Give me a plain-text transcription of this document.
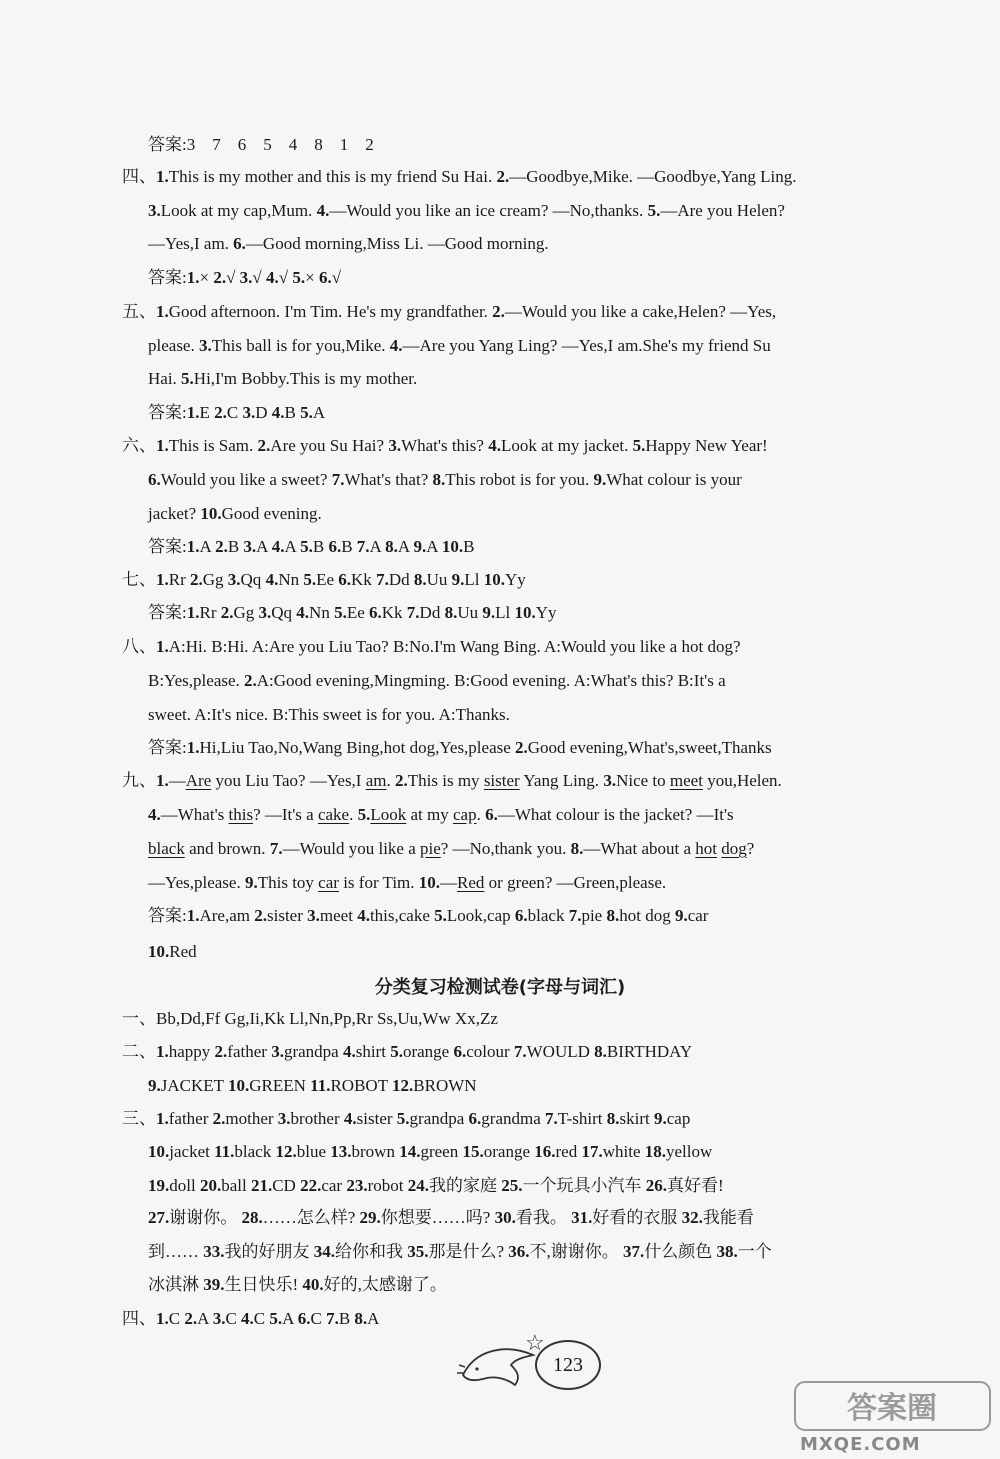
答案:3　7　6　5　4　8　1　2
四、1.This is my mother and this is my friend Su Hai. 2.—Goodbye,Mike. —Goodbye,Yang Ling.
3.Look at my cap,Mum. 4.—Would you like an ice cream? —No,thanks. 5.—Are you Helen?
—Yes,I am. 6.—Good morning,Miss Li. —Good morning.
答案:1.× 2.√ 3.√ 4.√ 5.× 6.√
五、1.Good afternoon. I'm Tim. He's my grandfather. 2.—Would you like a cake,Helen? —Yes,
please. 3.This ball is for you,Mike. 4.—Are you Yang Ling? —Yes,I am.She's my friend Su
Hai. 5.Hi,I'm Bobby.This is my mother.
答案:1.E 2.C 3.D 4.B 5.A
六、1.This is Sam. 2.Are you Su Hai? 3.What's this? 4.Look at my jacket. 5.Happy New Year!
6.Would you like a sweet? 7.What's that? 8.This robot is for you. 9.What colour is your
jacket? 10.Good evening.
答案:1.A 2.B 3.A 4.A 5.B 6.B 7.A 8.A 9.A 10.B
七、1.Rr 2.Gg 3.Qq 4.Nn 5.Ee 6.Kk 7.Dd 8.Uu 9.Ll 10.Yy
答案:1.Rr 2.Gg 3.Qq 4.Nn 5.Ee 6.Kk 7.Dd 8.Uu 9.Ll 10.Yy
八、1.A:Hi. B:Hi. A:Are you Liu Tao? B:No.I'm Wang Bing. A:Would you like a hot dog?
B:Yes,please. 2.A:Good evening,Mingming. B:Good evening. A:What's this? B:It's a
sweet. A:It's nice. B:This sweet is for you. A:Thanks.
答案:1.Hi,Liu Tao,No,Wang Bing,hot dog,Yes,please 2.Good evening,What's,sweet,Thanks
九、1.—Are you Liu Tao? —Yes,I am. 2.This is my sister Yang Ling. 3.Nice to meet you,Helen.
4.—What's this? —It's a cake. 5.Look at my cap. 6.—What colour is the jacket? —It's
black and brown. 7.—Would you like a pie? —No,thank you. 8.—What about a hot dog?
—Yes,please. 9.This toy car is for Tim. 10.—Red or green? —Green,please.
答案:1.Are,am 2.sister 3.meet 4.this,cake 5.Look,cap 6.black 7.pie 8.hot dog 9.car
10.Red
分类复习检测试卷(字母与词汇)
一、Bb,Dd,Ff Gg,Ii,Kk Ll,Nn,Pp,Rr Ss,Uu,Ww Xx,Zz
二、1.happy 2.father 3.grandpa 4.shirt 5.orange 6.colour 7.WOULD 8.BIRTHDAY
9.JACKET 10.GREEN 11.ROBOT 12.BROWN
三、1.father 2.mother 3.brother 4.sister 5.grandpa 6.grandma 7.T-shirt 8.skirt 9.cap
10.jacket 11.black 12.blue 13.brown 14.green 15.orange 16.red 17.white 18.yellow
19.doll 20.ball 21.CD 22.car 23.robot 24.我的家庭 25.一个玩具小汽车 26.真好看!
27.谢谢你。 28.……怎么样? 29.你想要……吗? 30.看我。 31.好看的衣服 32.我能看
到…… 33.我的好朋友 34.给你和我 35.那是什么? 36.不,谢谢你。 37.什么颜色 38.一个
冰淇淋 39.生日快乐! 40.好的,太感谢了。
四、1.C 2.A 3.C 4.C 5.A 6.C 7.B 8.A
☆
123
答案圈
MXQE.COM
